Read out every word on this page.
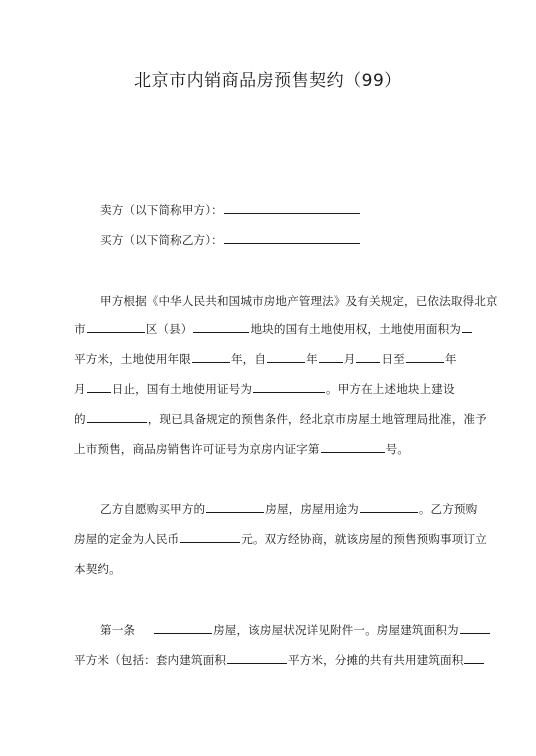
北京市内销商品房预售契约（99）
卖方（以下简称甲方）：
买方（以下简称乙方）：
甲方根据《中华人民共和国城市房地产管理法》及有关规定，已依法取得北京
市	区（县）	地块的国有土地使用权，土地使用面积为
平方米，土地使用年限	年，自	年 月 日至	年
月 日止，国有土地使用证号为	。甲方在上述地块上建设
的	，现已具备规定的预售条件，经北京市房屋土地管理局批准，准予
上市预售，商品房销售许可证号为京房内证字第	号。
乙方自愿购买甲方的	房屋，房屋用途为	。乙方预购
房屋的定金为人民币	元。双方经协商，就该房屋的预售预购事项订立
本契约。
第一条	房屋，该房屋状况详见附件一。房屋建筑面积为
平方米（包括：套内建筑面积	平方米，分摊的共有共用建筑面积
